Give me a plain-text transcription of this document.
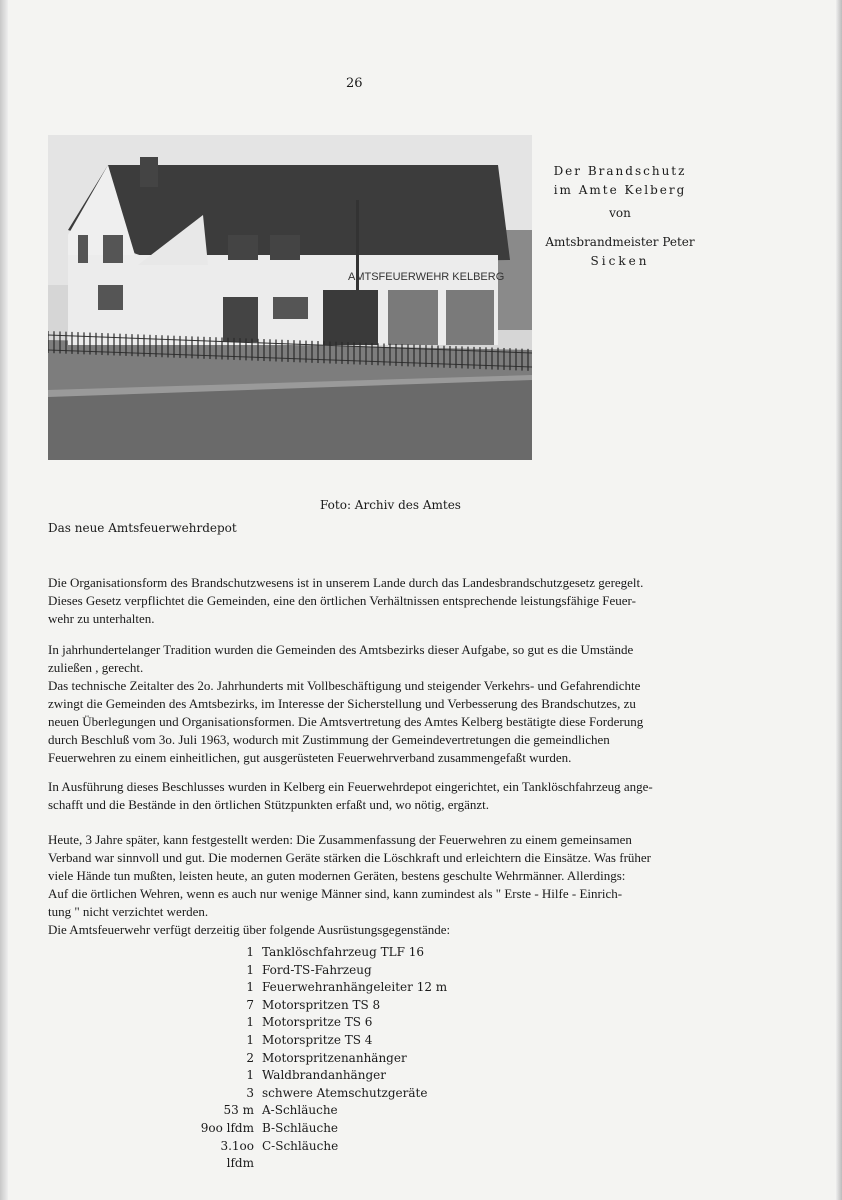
26
AMTSFEUERWEHR KELBERG
Der Brandschutz
im Amte Kelberg
von
Amtsbrandmeister Peter
Sicken
Foto: Archiv des Amtes
Das neue Amtsfeuerwehrdepot

Die Organisationsform des Brandschutzwesens ist in unserem Lande durch das Landesbrandschutzgesetz geregelt.

Dieses Gesetz verpflichtet die Gemeinden, eine den örtlichen Verhältnissen entsprechende leistungsfähige Feuer-

wehr zu unterhalten.

In jahrhundertelanger Tradition wurden die Gemeinden des Amtsbezirks dieser Aufgabe, so gut es die Umstände

zuließen , gerecht.

Das technische Zeitalter des 2o. Jahrhunderts mit Vollbeschäftigung und steigender Verkehrs- und Gefahrendichte

zwingt die Gemeinden des Amtsbezirks, im Interesse der Sicherstellung und Verbesserung des Brandschutzes, zu

neuen Überlegungen und Organisationsformen. Die Amtsvertretung des Amtes Kelberg bestätigte diese Forderung

durch Beschluß vom 3o. Juli 1963, wodurch mit Zustimmung der Gemeindevertretungen die gemeindlichen

Feuerwehren zu einem einheitlichen, gut ausgerüsteten Feuerwehrverband zusammengefaßt wurden.

In Ausführung dieses Beschlusses wurden in Kelberg ein Feuerwehrdepot eingerichtet, ein Tanklöschfahrzeug ange-

schafft und die Bestände in den örtlichen Stützpunkten erfaßt und, wo nötig, ergänzt.

Heute, 3 Jahre später, kann festgestellt werden: Die Zusammenfassung der Feuerwehren zu einem gemeinsamen

Verband war sinnvoll und gut. Die modernen Geräte stärken die Löschkraft und erleichtern die Einsätze. Was früher

viele Hände tun mußten, leisten heute, an guten modernen Geräten, bestens geschulte Wehrmänner. Allerdings:

Auf die örtlichen Wehren, wenn es auch nur wenige Männer sind, kann zumindest als " Erste - Hilfe - Einrich-

tung " nicht verzichtet werden.

Die Amtsfeuerwehr verfügt derzeitig über folgende Ausrüstungsgegenstände:

1 Tanklöschfahrzeug TLF 16
1 Ford-TS-Fahrzeug
1 Feuerwehranhängeleiter 12 m
7 Motorspritzen TS 8
1 Motorspritze TS 6
1 Motorspritze TS 4
2 Motorspritzenanhänger
1 Waldbrandanhänger
3 schwere Atemschutzgeräte
53 m A-Schläuche
9oo lfdm B-Schläuche
3.1oo lfdm
C-Schläuche
